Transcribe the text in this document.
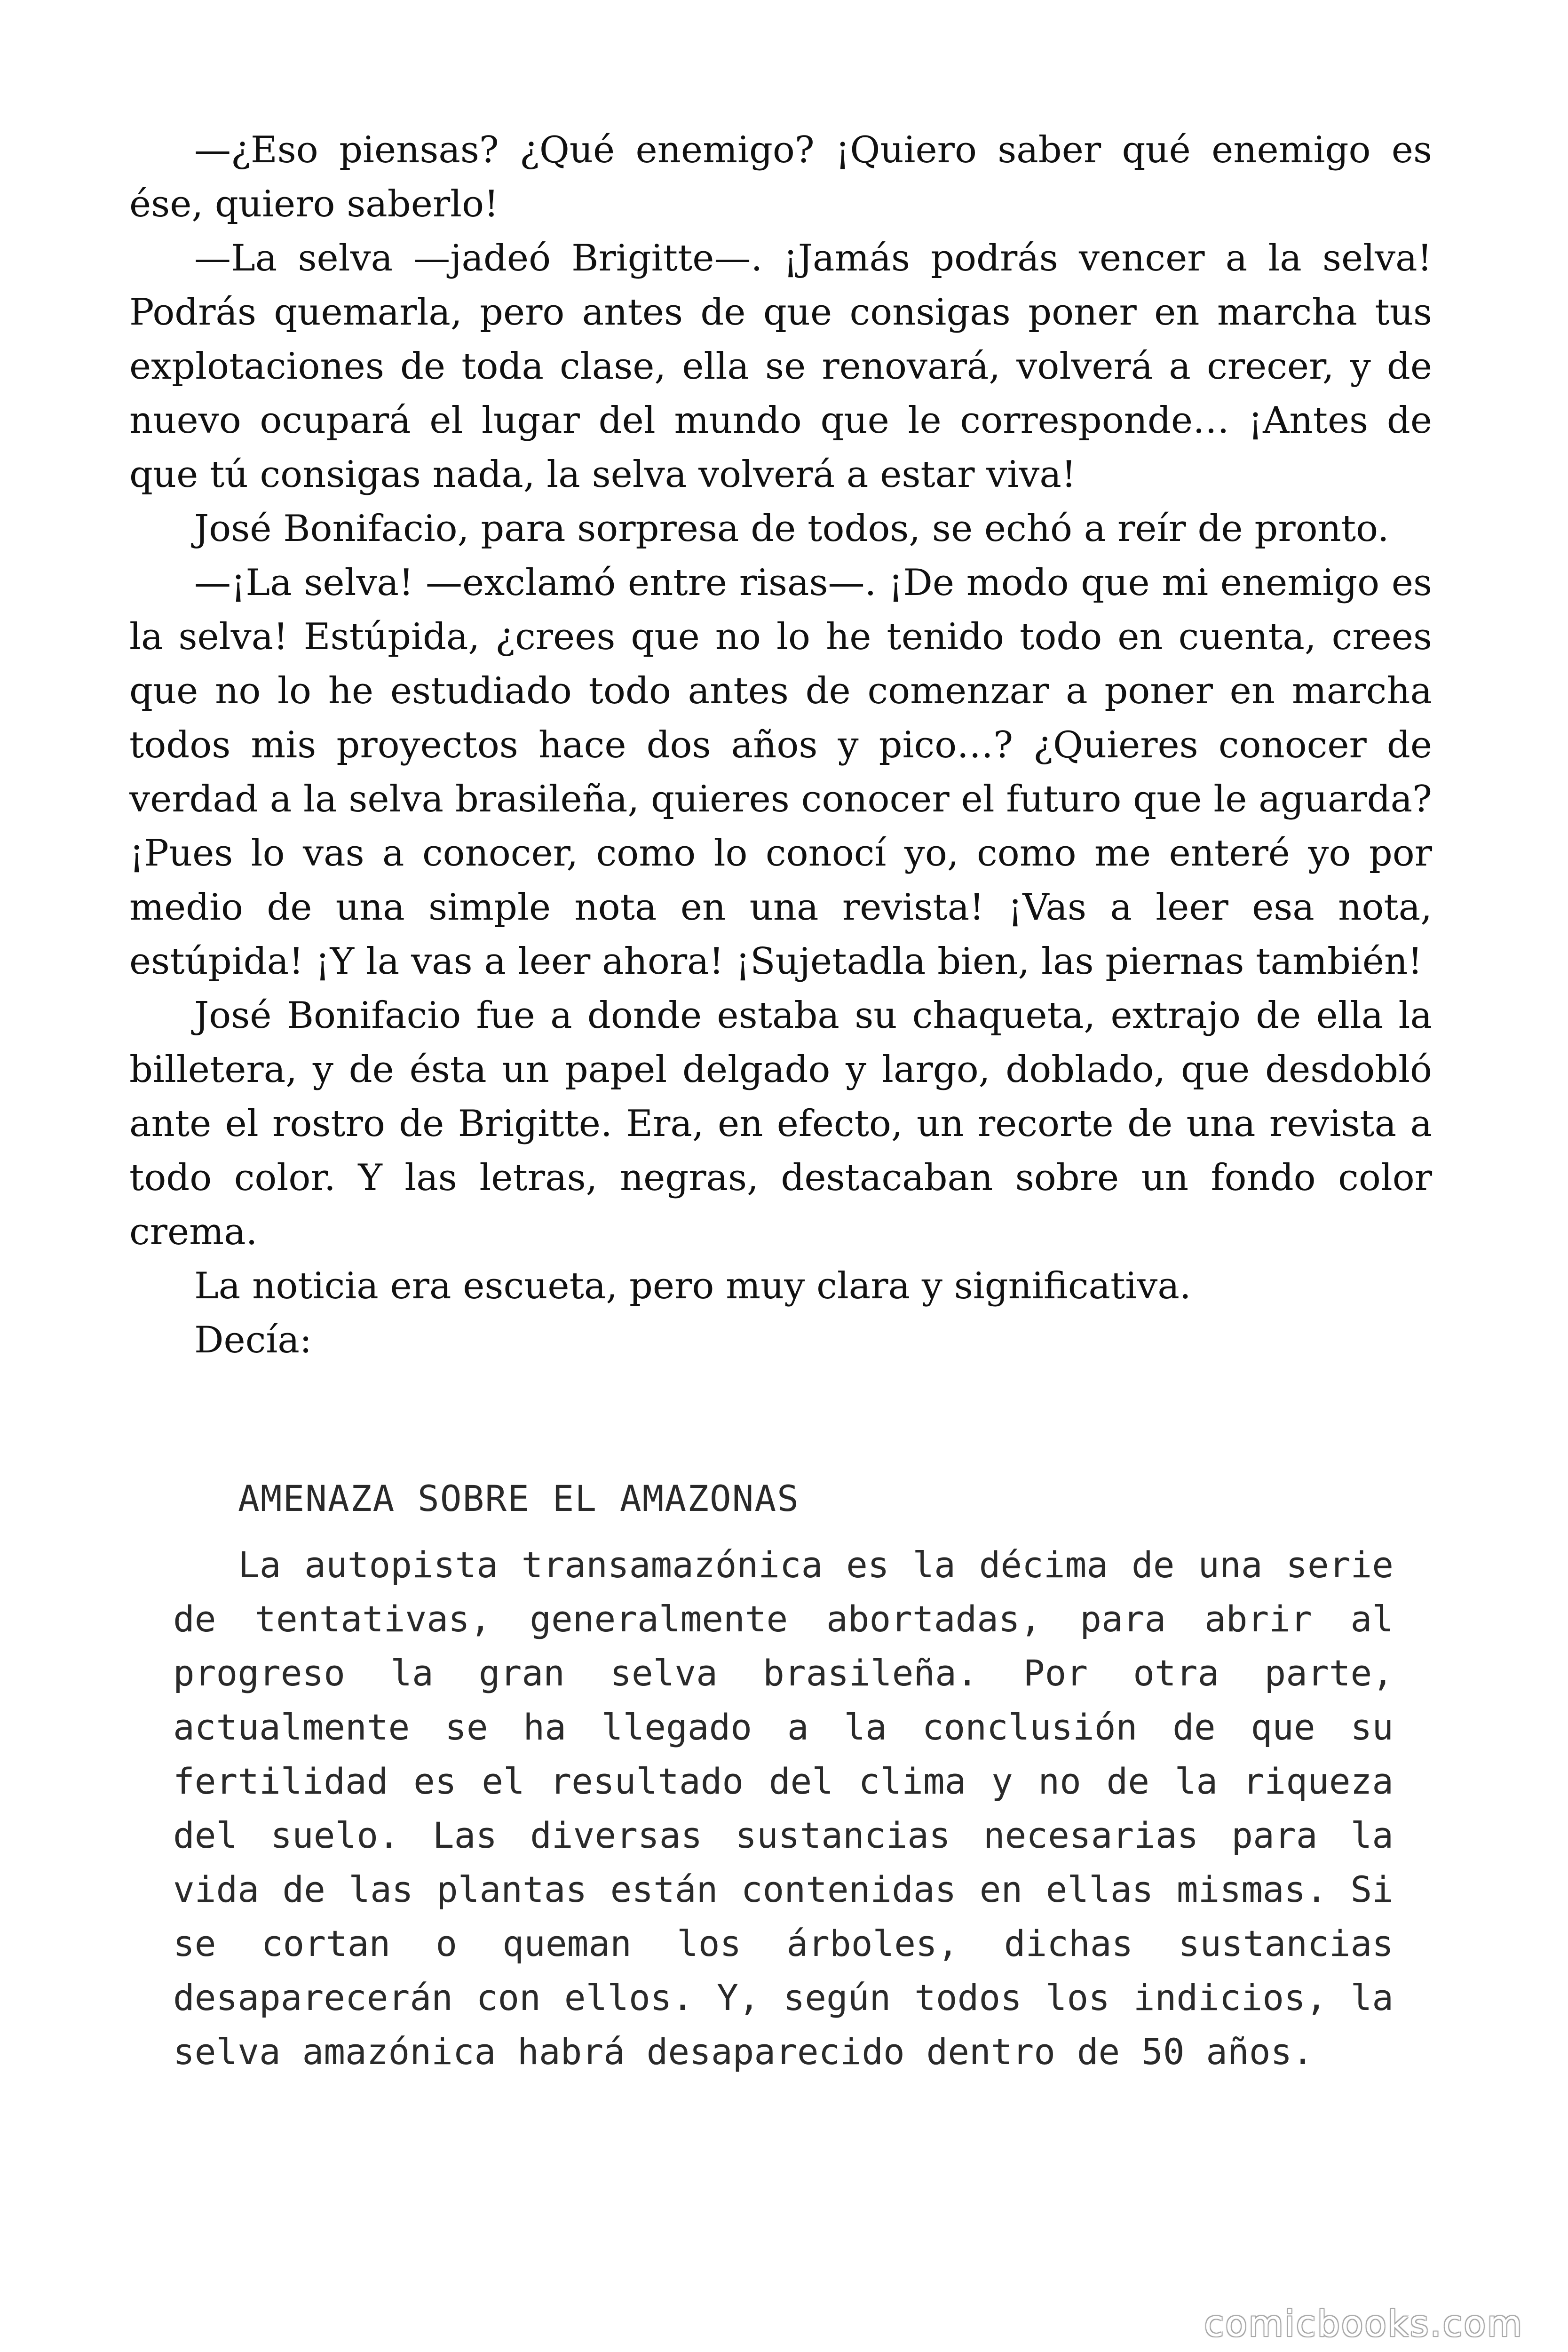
—¿Eso piensas? ¿Qué enemigo? ¡Quiero saber qué enemigo es ése, quiero saberlo!

—La selva —jadeó Brigitte—. ¡Jamás podrás vencer a la selva! Podrás quemarla, pero antes de que consigas poner en marcha tus explotaciones de toda clase, ella se renovará, volverá a crecer, y de nuevo ocupará el lugar del mundo que le corresponde… ¡Antes de que tú consigas nada, la selva volverá a estar viva!

José Bonifacio, para sorpresa de todos, se echó a reír de pronto.

—¡La selva! —exclamó entre risas—. ¡De modo que mi enemigo es la selva! Estúpida, ¿crees que no lo he tenido todo en cuenta, crees que no lo he estudiado todo antes de comenzar a poner en marcha todos mis proyectos hace dos años y pico…? ¿Quieres conocer de verdad a la selva brasileña, quieres conocer el futuro que le aguarda? ¡Pues lo vas a conocer, como lo conocí yo, como me enteré yo por medio de una simple nota en una revista! ¡Vas a leer esa nota, estúpida! ¡Y la vas a leer ahora! ¡Sujetadla bien, las piernas también!

José Bonifacio fue a donde estaba su chaqueta, extrajo de ella la billetera, y de ésta un papel delgado y largo, doblado, que desdobló ante el rostro de Brigitte. Era, en efecto, un recorte de una revista a todo color. Y las letras, negras, destacaban sobre un fondo color crema.

La noticia era escueta, pero muy clara y significativa.

Decía:

AMENAZA SOBRE EL AMAZONAS

La autopista transamazónica es la décima de una serie de tentativas, generalmente abortadas, para abrir al progreso la gran selva brasileña. Por otra parte, actualmente se ha llegado a la conclusión de que su fertilidad es el resultado del clima y no de la riqueza del suelo. Las diversas sustancias necesarias para la vida de las plantas están contenidas en ellas mismas. Si se cortan o queman los árboles, dichas sustancias desaparecerán con ellos. Y, según todos los indicios, la selva amazónica habrá desaparecido dentro de 50 años.

comicbooks.com
